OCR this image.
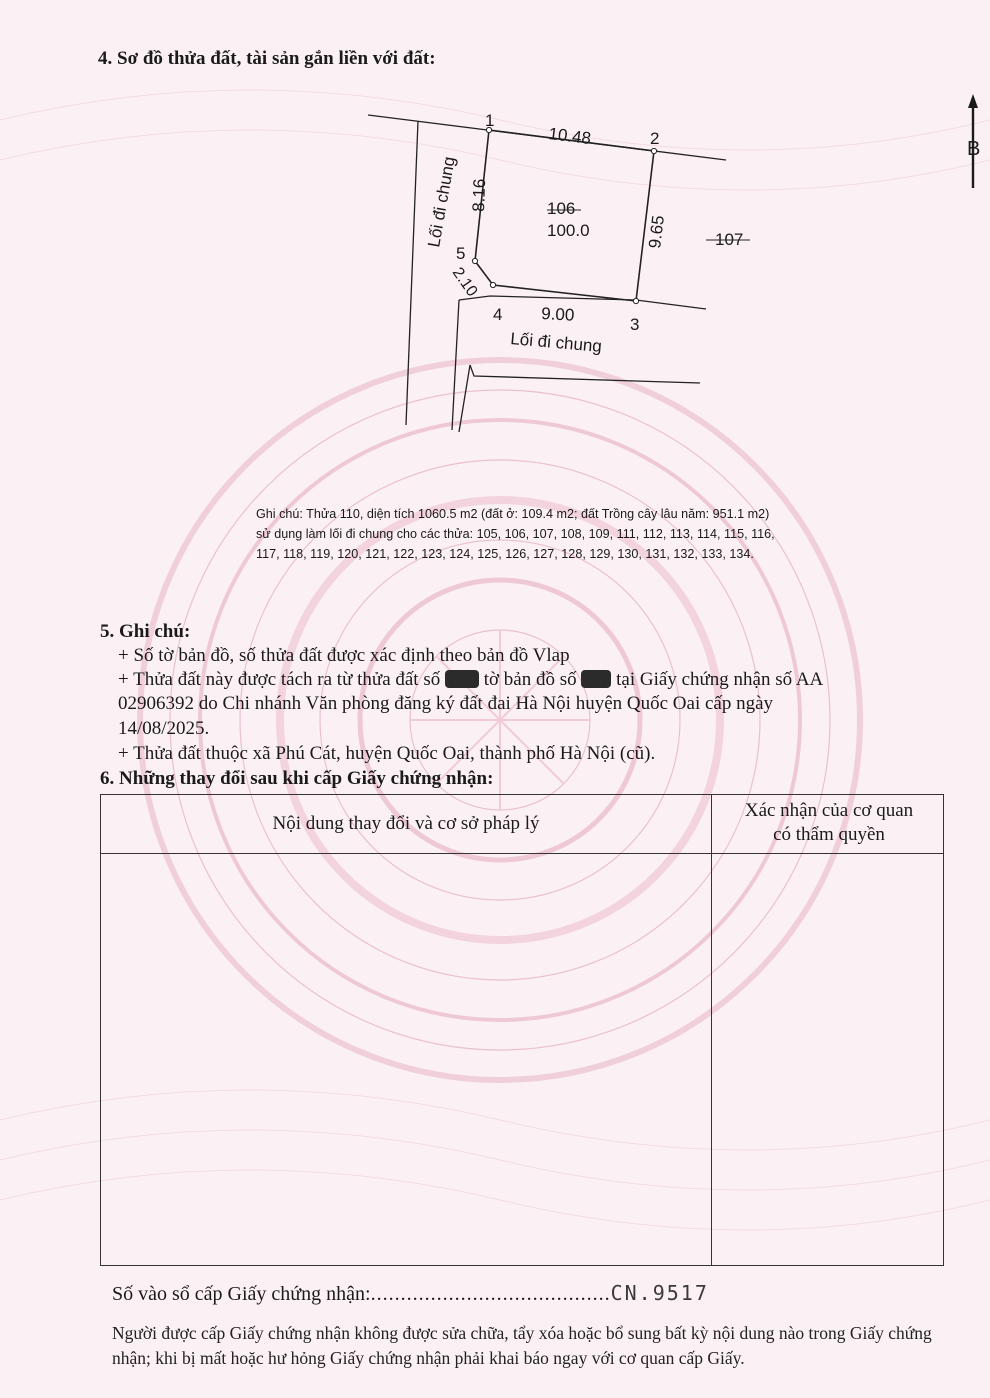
4. Sơ đồ thửa đất, tài sản gắn liền với đất:
B
1
2
3
4
5
10.48
9.65
9.00
2.10
8.16	106
100.0	107
Lối đi chung
Lối đi chung
Ghi chú: Thửa 110, diện tích 1060.5 m2 (đất ở: 109.4 m2; đất Trồng cây lâu năm: 951.1 m2)
sử dụng làm lối đi chung cho các thửa: 105, 106, 107, 108, 109, 111, 112, 113, 114, 115, 116,
117, 118, 119, 120, 121, 122, 123, 124, 125, 126, 127, 128, 129, 130, 131, 132, 133, 134.
5. Ghi chú:
+ Số tờ bản đồ, số thửa đất được xác định theo bản đồ Vlap
+ Thửa đất này được tách ra từ thửa đất số tờ bản đồ số tại Giấy chứng nhận số AA
02906392 do Chi nhánh Văn phòng đăng ký đất đai Hà Nội huyện Quốc Oai cấp ngày
14/08/2025.
+ Thửa đất thuộc xã Phú Cát, huyện Quốc Oai, thành phố Hà Nội (cũ).
6. Những thay đổi sau khi cấp Giấy chứng nhận:
Nội dung thay đổi và cơ sở pháp lý
Xác nhận của cơ quan
có thẩm quyền
Số vào sổ cấp Giấy chứng nhận:........................................CN.9517
Người được cấp Giấy chứng nhận không được sửa chữa, tẩy xóa hoặc bổ sung bất kỳ nội dung nào trong Giấy chứng nhận; khi bị mất hoặc hư hỏng Giấy chứng nhận phải khai báo ngay với cơ quan cấp Giấy.
